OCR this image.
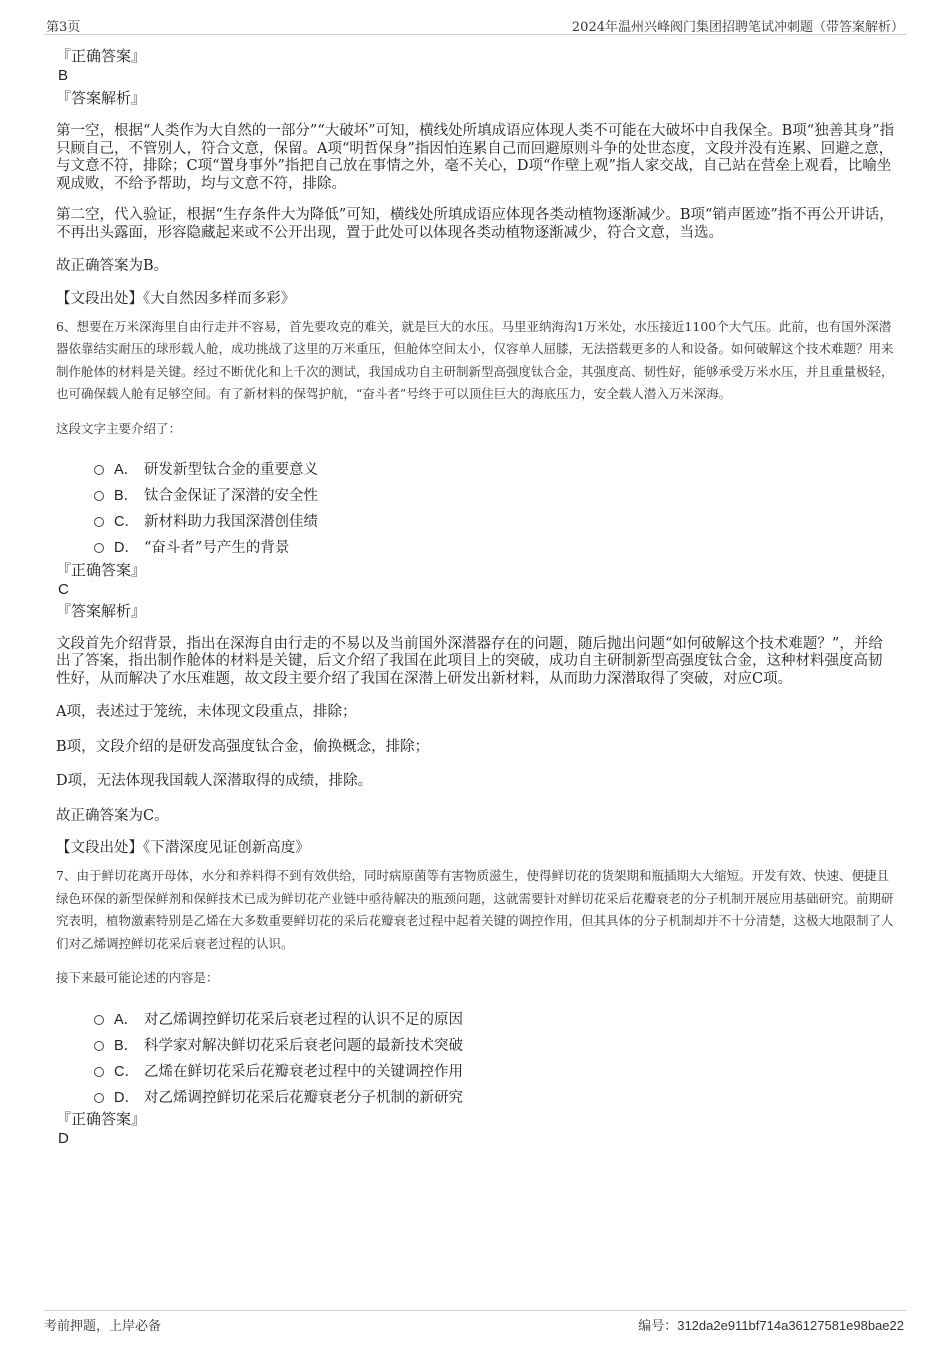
第3页	2024年温州兴峰阀门集团招聘笔试冲刺题（带答案解析）

『正确答案』

B

『答案解析』

第一空，根据“人类作为大自然的一部分”“大破坏”可知，横线处所填成语应体现人类不可能在大破坏中自我保全。B项“独善其身”指只顾自己，不管别人，符合文意，保留。A项“明哲保身”指因怕连累自己而回避原则斗争的处世态度，文段并没有连累、回避之意，与文意不符，排除；C项“置身事外”指把自己放在事情之外，毫不关心，D项“作壁上观”指人家交战，自己站在营垒上观看，比喻坐观成败，不给予帮助，均与文意不符，排除。

第二空，代入验证，根据“生存条件大为降低”可知，横线处所填成语应体现各类动植物逐渐减少。B项“销声匿迹”指不再公开讲话，不再出头露面，形容隐藏起来或不公开出现，置于此处可以体现各类动植物逐渐减少，符合文意，当选。

故正确答案为B。

【文段出处】《大自然因多样而多彩》

6、想要在万米深海里自由行走并不容易，首先要攻克的难关，就是巨大的水压。马里亚纳海沟1万米处，水压接近1100个大气压。此前，也有国外深潜器依靠结实耐压的球形载人舱，成功挑战了这里的万米重压，但舱体空间太小，仅容单人屈膝，无法搭载更多的人和设备。如何破解这个技术难题？用来制作舱体的材料是关键。经过不断优化和上千次的测试，我国成功自主研制新型高强度钛合金，其强度高、韧性好，能够承受万米水压，并且重量极轻，也可确保载人舱有足够空间。有了新材料的保驾护航，“奋斗者”号终于可以顶住巨大的海底压力，安全载人潜入万米深海。

这段文字主要介绍了：

A． 研发新型钛合金的重要意义
B． 钛合金保证了深潜的安全性
C． 新材料助力我国深潜创佳绩
D． “奋斗者”号产生的背景

『正确答案』

C

『答案解析』

文段首先介绍背景，指出在深海自由行走的不易以及当前国外深潜器存在的问题，随后抛出问题“如何破解这个技术难题？”，并给出了答案，指出制作舱体的材料是关键，后文介绍了我国在此项目上的突破，成功自主研制新型高强度钛合金，这种材料强度高韧性好，从而解决了水压难题，故文段主要介绍了我国在深潜上研发出新材料，从而助力深潜取得了突破，对应C项。

A项，表述过于笼统，未体现文段重点，排除；

B项，文段介绍的是研发高强度钛合金，偷换概念，排除；

D项，无法体现我国载人深潜取得的成绩，排除。

故正确答案为C。

【文段出处】《下潜深度见证创新高度》

7、由于鲜切花离开母体，水分和养料得不到有效供给，同时病原菌等有害物质滋生，使得鲜切花的货架期和瓶插期大大缩短。开发有效、快速、便捷且绿色环保的新型保鲜剂和保鲜技术已成为鲜切花产业链中亟待解决的瓶颈问题，这就需要针对鲜切花采后花瓣衰老的分子机制开展应用基础研究。前期研究表明，植物激素特别是乙烯在大多数重要鲜切花的采后花瓣衰老过程中起着关键的调控作用，但其具体的分子机制却并不十分清楚，这极大地限制了人们对乙烯调控鲜切花采后衰老过程的认识。

接下来最可能论述的内容是：

A． 对乙烯调控鲜切花采后衰老过程的认识不足的原因
B． 科学家对解决鲜切花采后衰老问题的最新技术突破
C． 乙烯在鲜切花采后花瓣衰老过程中的关键调控作用
D． 对乙烯调控鲜切花采后花瓣衰老分子机制的新研究

『正确答案』

D

考前押题，上岸必备	编号：312da2e911bf714a36127581e98bae22
